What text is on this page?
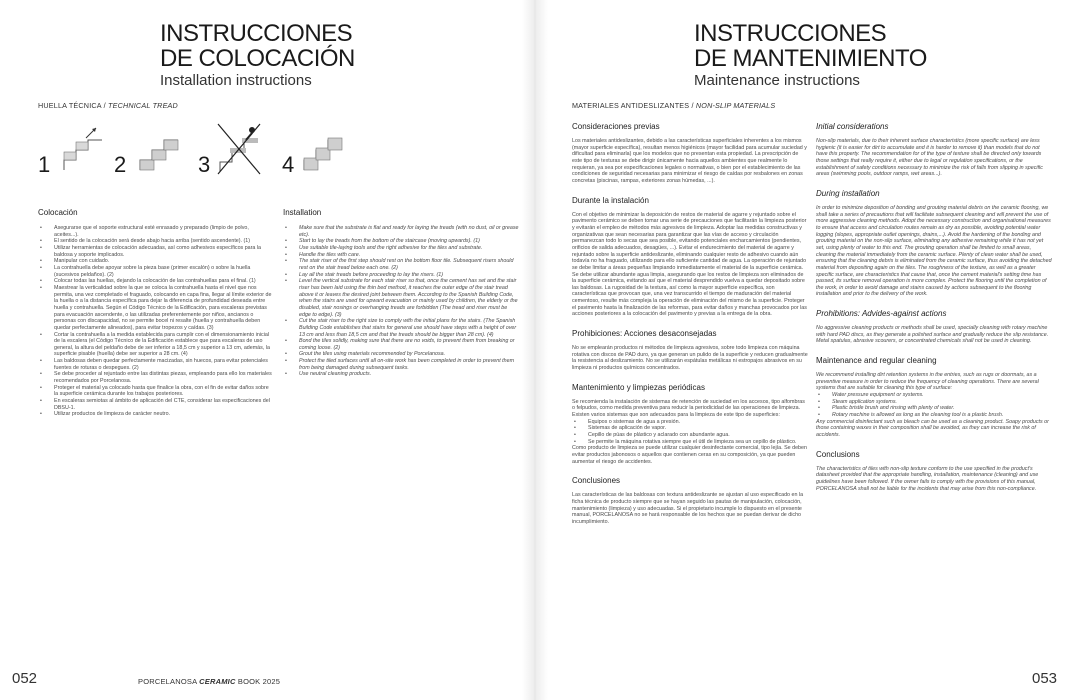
INSTRUCCIONES
DE COLOCACIÓN
Installation instructions
HUELLA TÉCNICA / TECHNICAL TREAD
1	2	3	4
Colocación
• Asegurarse que el soporte estructural esté enrasado y preparado (limpio de polvo, aceites...).
• El sentido de la colocación será desde abajo hacia arriba (sentido ascendente). (1)
• Utilizar herramientas de colocación adecuadas, así como adhesivos específicos para la baldosa y soporte implicados.
• Manipular con cuidado.
• La contrahuella debe apoyar sobre la pieza base (primer escalón) o sobre la huella (sucesivos peldaños). (2)
• Colocar todas las huellas, dejando la colocación de las contrahuellas para el final. (1)
• Maestrear la verticalidad sobre la que se coloca la contrahuella hasta el nivel que nos permita, una vez completado el fraguado, colocando en capa fina, llegar al límite exterior de la huella o a la distancia específica para dejar la diferencia de profundidad deseada entre huella y contrahuella. Según el Código Técnico de la Edificación, para escaleras previstas para evacuación ascendente, o las utilizadas preferentemente por niños, ancianos o personas con discapacidad, no se permite bocel ni resalte (huella y contrahuella deben quedar perfectamente alineados), para evitar tropezos y caídas. (3)
• Cortar la contrahuella a la medida establecida para cumplir con el dimensionamiento inicial de la escalera (el Código Técnico de la Edificación establece que para escaleras de uso general, la altura del peldaño debe de ser inferior a 18,5 cm y superior a 13 cm, además, la superficie pisable (huella) debe ser superior a 28 cm. (4)
• Las baldosas deben quedar perfectamente macizadas, sin huecos, para evitar potenciales fuentes de roturas o despegues. (2)
• Se debe proceder al rejuntado entre las distintas piezas, empleando para ello los materiales recomendados por Porcelanosa.
• Proteger el material ya colocado hasta que finalice la obra, con el fin de evitar daños sobre la superficie cerámica durante los trabajos posteriores.
• En escaleras semiotas al ámbito de aplicación del CTE, considerar las especificaciones del DBSU-1.
• Utilizar productos de limpieza de carácter neutro.
Installation
• Make sure that the substrate is flat and ready for laying the treads (with no dust, oil or grease etc).
• Start to lay the treads from the bottom of the staircase (moving upwards). (1)
• Use suitable tile-laying tools and the right adhesive for the tiles and substrate.
• Handle the tiles with care.
• The stair riser of the first step should rest on the bottom floor tile. Subsequent risers should rest on the stair tread below each one. (2)
• Lay all the stair treads before proceeding to lay the risers. (1)
• Level the vertical substrate for each stair riser so that, once the cement has set and the stair riser has been laid using the thin bed method, it reaches the outer edge of the stair tread above it or leaves the desired joint between them. According to the Spanish Building Code, when the stairs are used for upward evacuation or mainly used by children, the elderly or the disabled, stair nosings or overhanging treads are forbidden (The tread and riser must be edge to edge). (3)
• Cut the stair riser to the right size to comply with the initial plans for the stairs. (The Spanish Building Code establishes that stairs for general use should have steps with a height of over 13 cm and less than 18,5 cm and that the treads should be bigger than 28 cm). (4)
• Bond the tiles solidly, making sure that there are no voids, to prevent them from breaking or coming loose. (2)
• Grout the tiles using materials recommended by Porcelanosa.
• Protect the tiled surfaces until all on-site work has been completed in order to prevent them from being damaged during subsequent tasks.
• Use neutral cleaning products.
052	PORCELANOSA CERAMIC BOOK 2025
INSTRUCCIONES
DE MANTENIMIENTO
Maintenance instructions
MATERIALES ANTIDESLIZANTES / NON-SLIP MATERIALS
Consideraciones previas

Los materiales antideslizantes, debido a las características superficiales inherentes a los mismos (mayor superficie específica), resultan menos higiénicos (mayor facilidad para acumular suciedad y dificultad para eliminarla) que los modelos que no presentan esta propiedad. La prescripción de este tipo de texturas se debe dirigir únicamente hacia aquellos ambientes que realmente lo requieran, ya sea por especificaciones legales o normativas, o bien por el establecimiento de las condiciones de seguridad necesarias para minimizar el riesgo de caídas por resbalones en zonas concretas (piscinas, rampas, exteriores zonas húmedas, ...).

Durante la instalación

Con el objetivo de minimizar la deposición de restos de material de agarre y rejuntado sobre el pavimento cerámico se deben tomar una serie de precauciones que facilitarán la limpieza posterior y evitarán el empleo de métodos más agresivos de limpieza. Adoptar las medidas constructivas y organizativas que sean necesarias para garantizar que las vías de acceso y circulación permanezcan todo lo secas que sea posible, evitando potenciales encharcamientos (pendientes, orificios de salida adecuados, desagües, ...). Evitar el endurecimiento del material de agarre y rejuntado sobre la superficie antideslizante, eliminando cualquier resto de adhesivo cuando aún todavía no ha fraguado, utilizando para ello suficiente cantidad de agua. La operación de rejuntado se debe limitar a áreas pequeñas limpiando inmediatamente el material de la superficie cerámica. Se debe utilizar abundante agua limpia, asegurando que los restos de limpieza son eliminados de la superficie cerámica, evitando así que el material desprendido vuelva a quedar depositado sobre las baldosas. La rugosidad de la textura, así como la mayor superficie específica, son características que provocan que, una vez transcurrido el tiempo de maduración del material cementoso, resulte más compleja la operación de eliminación del mismo de la superficie. Proteger el pavimento hasta la finalización de las reformas, para evitar daños y manchas provocados por las acciones posteriores a la colocación del pavimento y previas a la entrega de la obra.

Prohibiciones: Acciones desaconsejadas

No se emplearán productos ni métodos de limpieza agresivos, sobre todo limpieza con máquina rotativa con discos de PAD duro, ya que generan un pulido de la superficie y reducen gradualmente la resistencia al deslizamiento. No se utilizarán espátulas metálicas ni estropajos abrasivos en su limpieza ni productos químicos concentrados.

Mantenimiento y limpiezas periódicas

Se recomienda la instalación de sistemas de retención de suciedad en los accesos, tipo alfombras o felpudos, como medida preventiva para reducir la periodicidad de las operaciones de limpieza. Existen varios sistemas que son adecuados para la limpieza de este tipo de superficies:

• Equipos o sistemas de agua a presión.
• Sistemas de aplicación de vapor.
• Cepillo de púas de plástico y aclarado con abundante agua.
• Se permite la máquina rotativa siempre que el útil de limpieza sea un cepillo de plástico.

Como producto de limpieza se puede utilizar cualquier desinfectante comercial, tipo lejía. Se deben evitar productos jabonosos o aquellos que contienen ceras en su composición, ya que pueden aumentar el riesgo de accidentes.

Conclusiones

Las características de las baldosas con textura antideslizante se ajustan al uso especificado en la ficha técnica de producto siempre que se hayan seguido las pautas de manipulación, colocación, mantenimiento (limpieza) y uso adecuadas. Si el propietario incumple lo dispuesto en el presente manual, PORCELANOSA no se hará responsable de los hechos que se puedan derivar de dicho incumplimiento.

Initial considerations

Non-slip materials, due to their inherent surface characteristics (more specific surface) are less hygienic (it is easier for dirt to accumulate and it is harder to remove it) than models that do not have this property. The recommendation for of the type of texture shall be directed only towards those settings that really require it, either due to legal or regulation specifications, or the establishment of safety conditions necessary to minimize the risk of falls from slipping in specific areas (swimming pools, outdoor ramps, wet areas...).

During installation

In order to minimize deposition of bonding and grouting material debris on the ceramic flooring, we shall take a series of precautions that will facilitate subsequent cleaning and will prevent the use of more aggressive cleaning methods. Adopt the necessary construction and organisational measures to ensure that access and circulation routes remain as dry as possible, avoiding potential water logging (slopes, appropriate outlet openings, drains,...). Avoid the hardening of the bonding and grouting material on the non-slip surface, eliminating any adhesive remaining while it has not yet set, using plenty of water to this end. The grouting operation shall be limited to small areas, cleaning the material immediately from the ceramic surface. Plenty of clean water shall be used, ensuring that the cleaning debris is eliminated from the ceramic surface, thus avoiding the detached material from depositing again on the tiles. The roughness of the texture, as well as a greater specific surface, are characteristics that cause that, once the cement material's setting time has passed, its surface removal operation is more complex. Protect the flooring until the completion of the work, in order to avoid damage and stains caused by actions subsequent to the flooring installation and prior to the delivery of the work.

Prohibitions: Advides-against actions

No aggressive cleaning products or methods shall be used, specially cleaning with rotary machine with hard PAD discs, as they generate a polished surface and gradually reduce the slip resistance. Metal spatulas, abrasive scourers, or concentrated chemicals shall not be used in cleaning.

Maintenance and regular cleaning

We recommend installing dirt retention systems in the entries, such as rugs or doormats, as a preventive measure in order to reduce the frequency of cleaning operations. There are several systems that are suitable for cleaning this type of surface:

• Water pressure equipment or systems.
• Steam application systems.
• Plastic bristle brush and rinsing with plenty of water.
• Rotary machine is allowed as long as the cleaning tool is a plastic brush.

Any commercial disinfectant such as bleach can be used as a cleaning product. Soapy products or those containing waxes in their composition shall be avoided, as they can increase the risk of accidents.

Conclusions

The characteristics of tiles with non-slip texture conform to the use specified in the product's datasheet provided that the appropriate handling, installation, maintenance (cleaning) and use guidelines have been followed. If the owner fails to comply with the provisions of this manual, PORCELANOSA shall not be liable for the incidents that may arise from this non-compliance.

053
